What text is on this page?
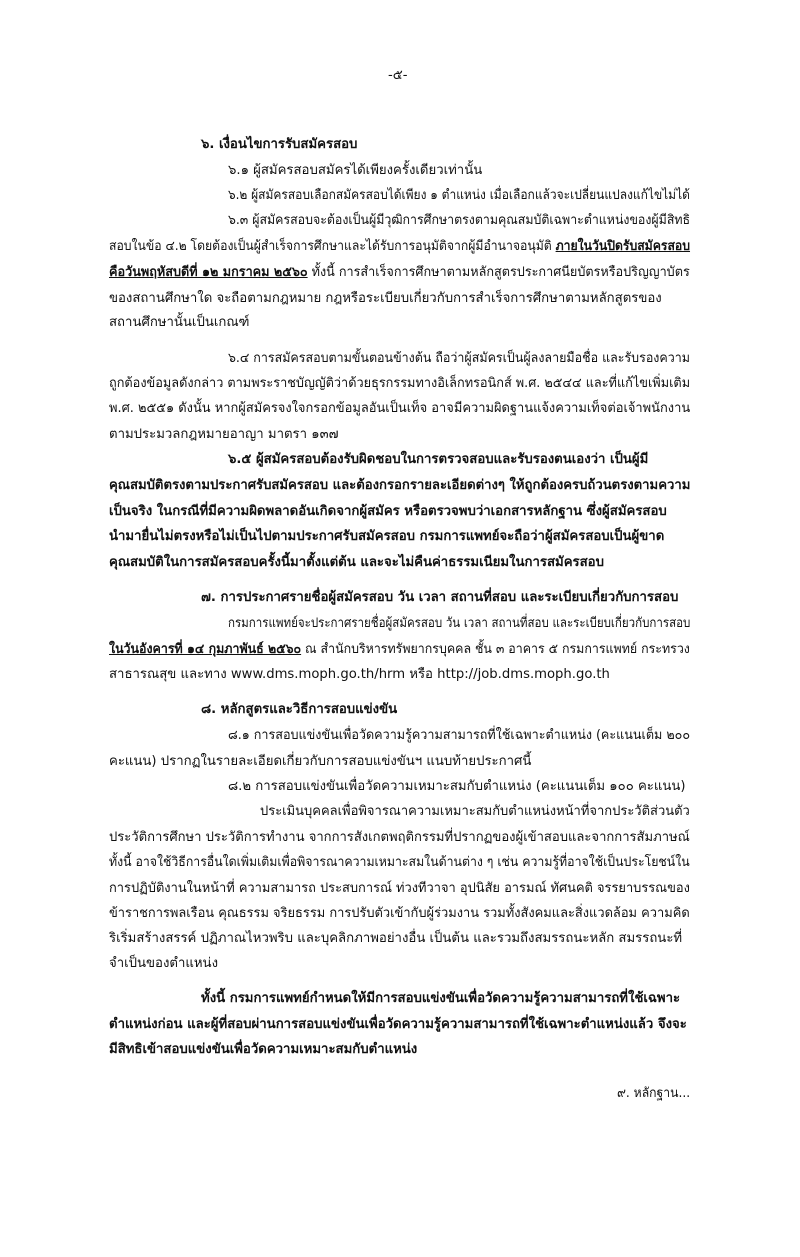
-๕-
๖. เงื่อนไขการรับสมัครสอบ
๖.๑ ผู้สมัครสอบสมัครได้เพียงครั้งเดียวเท่านั้น
๖.๒ ผู้สมัครสอบเลือกสมัครสอบได้เพียง ๑ ตำแหน่ง เมื่อเลือกแล้วจะเปลี่ยนแปลงแก้ไขไม่ได้
๖.๓ ผู้สมัครสอบจะต้องเป็นผู้มีวุฒิการศึกษาตรงตามคุณสมบัติเฉพาะตำแหน่งของผู้มีสิทธิ
สอบในข้อ ๔.๒ โดยต้องเป็นผู้สำเร็จการศึกษาและได้รับการอนุมัติจากผู้มีอำนาจอนุมัติ ภายในวันปิดรับสมัครสอบ
คือวันพฤหัสบดีที่ ๑๒ มกราคม ๒๕๖๐ ทั้งนี้ การสำเร็จการศึกษาตามหลักสูตรประกาศนียบัตรหรือปริญญาบัตร
ของสถานศึกษาใด จะถือตามกฎหมาย กฎหรือระเบียบเกี่ยวกับการสำเร็จการศึกษาตามหลักสูตรของ
สถานศึกษานั้นเป็นเกณฑ์
๖.๔ การสมัครสอบตามขั้นตอนข้างต้น ถือว่าผู้สมัครเป็นผู้ลงลายมือชื่อ และรับรองความ
ถูกต้องข้อมูลดังกล่าว ตามพระราชบัญญัติว่าด้วยธุรกรรมทางอิเล็กทรอนิกส์ พ.ศ. ๒๕๔๔ และที่แก้ไขเพิ่มเติม
พ.ศ. ๒๕๕๑ ดังนั้น หากผู้สมัครจงใจกรอกข้อมูลอันเป็นเท็จ อาจมีความผิดฐานแจ้งความเท็จต่อเจ้าพนักงาน
ตามประมวลกฎหมายอาญา มาตรา ๑๓๗
๖.๕ ผู้สมัครสอบต้องรับผิดชอบในการตรวจสอบและรับรองตนเองว่า เป็นผู้มี
คุณสมบัติตรงตามประกาศรับสมัครสอบ และต้องกรอกรายละเอียดต่างๆ ให้ถูกต้องครบถ้วนตรงตามความ
เป็นจริง ในกรณีที่มีความผิดพลาดอันเกิดจากผู้สมัคร หรือตรวจพบว่าเอกสารหลักฐาน ซึ่งผู้สมัครสอบ
นำมายื่นไม่ตรงหรือไม่เป็นไปตามประกาศรับสมัครสอบ กรมการแพทย์จะถือว่าผู้สมัครสอบเป็นผู้ขาด
คุณสมบัติในการสมัครสอบครั้งนี้มาตั้งแต่ต้น และจะไม่คืนค่าธรรมเนียมในการสมัครสอบ
๗. การประกาศรายชื่อผู้สมัครสอบ วัน เวลา สถานที่สอบ และระเบียบเกี่ยวกับการสอบ
กรมการแพทย์จะประกาศรายชื่อผู้สมัครสอบ วัน เวลา สถานที่สอบ และระเบียบเกี่ยวกับการสอบ
ในวันอังคารที่ ๑๔ กุมภาพันธ์ ๒๕๖๐ ณ สำนักบริหารทรัพยากรบุคคล ชั้น ๓ อาคาร ๕ กรมการแพทย์ กระทรวง
สาธารณสุข และทาง www.dms.moph.go.th/hrm หรือ http://job.dms.moph.go.th
๘. หลักสูตรและวิธีการสอบแข่งขัน
๘.๑ การสอบแข่งขันเพื่อวัดความรู้ความสามารถที่ใช้เฉพาะตำแหน่ง (คะแนนเต็ม ๒๐๐
คะแนน) ปรากฏในรายละเอียดเกี่ยวกับการสอบแข่งขันฯ แนบท้ายประกาศนี้
๘.๒ การสอบแข่งขันเพื่อวัดความเหมาะสมกับตำแหน่ง (คะแนนเต็ม ๑๐๐ คะแนน)
ประเมินบุคคลเพื่อพิจารณาความเหมาะสมกับตำแหน่งหน้าที่จากประวัติส่วนตัว
ประวัติการศึกษา ประวัติการทำงาน จากการสังเกตพฤติกรรมที่ปรากฏของผู้เข้าสอบและจากการสัมภาษณ์
ทั้งนี้ อาจใช้วิธีการอื่นใดเพิ่มเติมเพื่อพิจารณาความเหมาะสมในด้านต่าง ๆ เช่น ความรู้ที่อาจใช้เป็นประโยชน์ใน
การปฏิบัติงานในหน้าที่ ความสามารถ ประสบการณ์ ท่วงทีวาจา อุปนิสัย อารมณ์ ทัศนคติ จรรยาบรรณของ
ข้าราชการพลเรือน คุณธรรม จริยธรรม การปรับตัวเข้ากับผู้ร่วมงาน รวมทั้งสังคมและสิ่งแวดล้อม ความคิด
ริเริ่มสร้างสรรค์ ปฏิภาณไหวพริบ และบุคลิกภาพอย่างอื่น เป็นต้น และรวมถึงสมรรถนะหลัก สมรรถนะที่
จำเป็นของตำแหน่ง
ทั้งนี้ กรมการแพทย์กำหนดให้มีการสอบแข่งขันเพื่อวัดความรู้ความสามารถที่ใช้เฉพาะ
ตำแหน่งก่อน และผู้ที่สอบผ่านการสอบแข่งขันเพื่อวัดความรู้ความสามารถที่ใช้เฉพาะตำแหน่งแล้ว จึงจะ
มีสิทธิเข้าสอบแข่งขันเพื่อวัดความเหมาะสมกับตำแหน่ง
๙. หลักฐาน...
